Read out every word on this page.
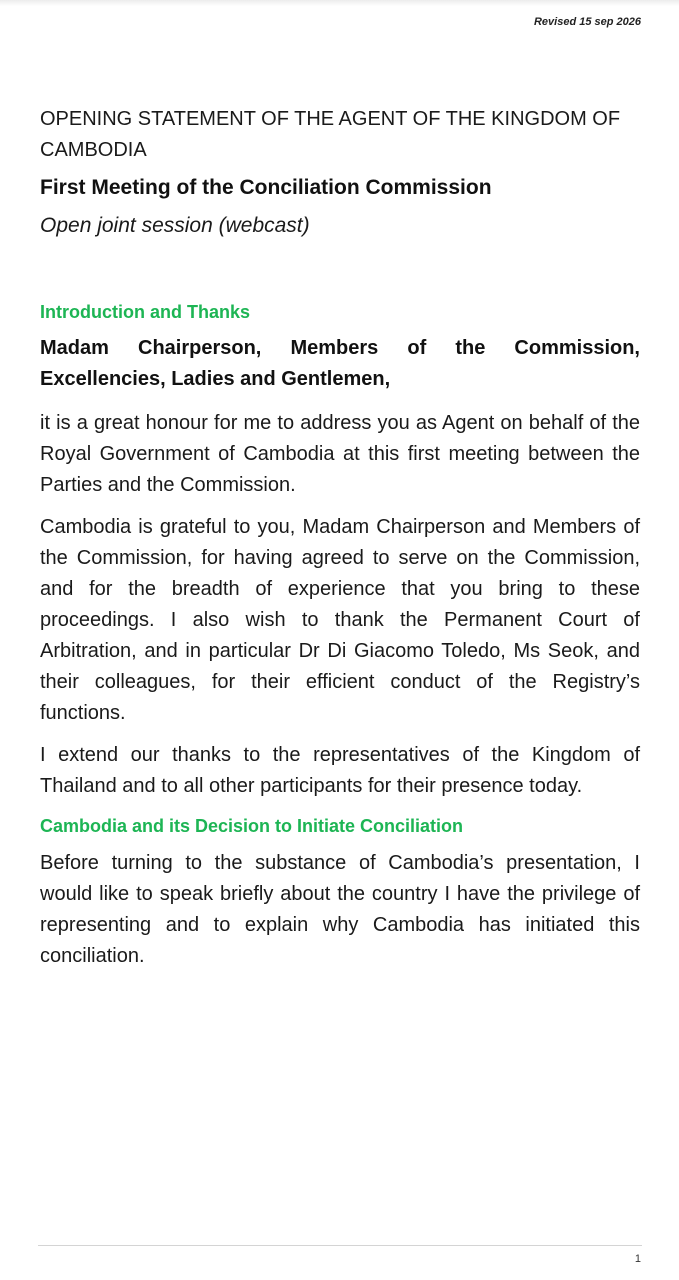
Revised 15 sep 2026
OPENING STATEMENT OF THE AGENT OF THE KINGDOM OF CAMBODIA
First Meeting of the Conciliation Commission
Open joint session (webcast)
Introduction and Thanks

Madam Chairperson, Members of the Commission, Excellencies, Ladies and Gentlemen,

it is a great honour for me to address you as Agent on behalf of the Royal Government of Cambodia at this first meeting between the Parties and the Commission.

Cambodia is grateful to you, Madam Chairperson and Members of the Commission, for having agreed to serve on the Commission, and for the breadth of experience that you bring to these proceedings. I also wish to thank the Permanent Court of Arbitration, and in particular Dr Di Giacomo Toledo, Ms Seok, and their colleagues, for their efficient conduct of the Registry’s functions.

I extend our thanks to the representatives of the Kingdom of Thailand and to all other participants for their presence today.

Cambodia and its Decision to Initiate Conciliation

Before turning to the substance of Cambodia’s presentation, I would like to speak briefly about the country I have the privilege of representing and to explain why Cambodia has initiated this conciliation.

1
